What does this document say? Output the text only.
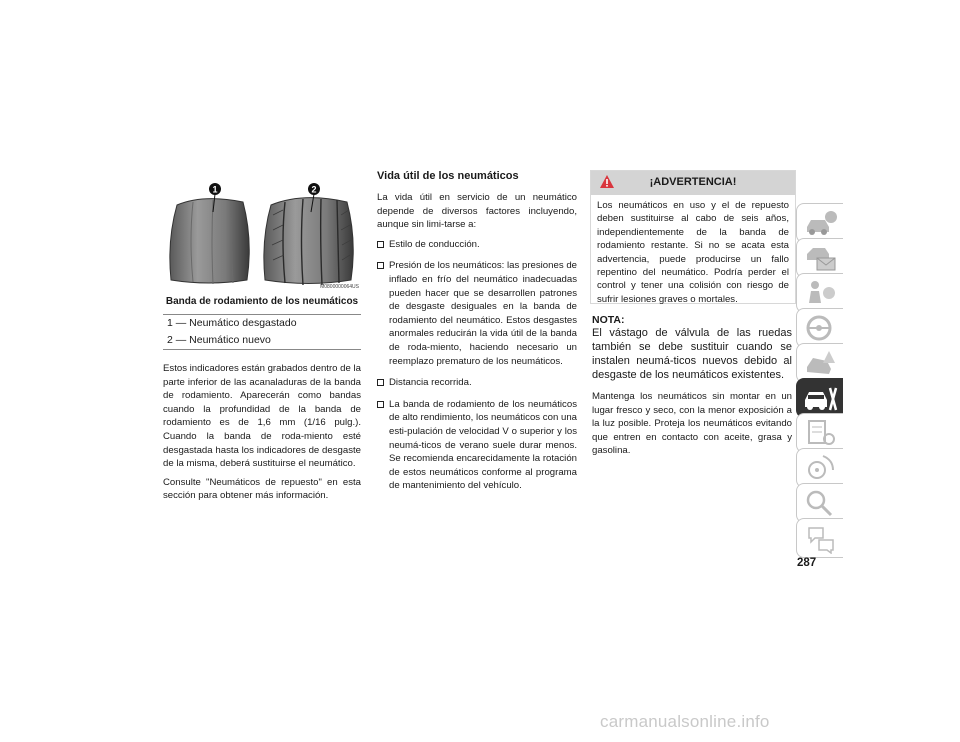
1	2
M0800000064US
Banda de rodamiento de los neumáticos
1 — Neumático desgastado
2 — Neumático nuevo

Estos indicadores están grabados dentro de la parte inferior de las acanaladuras de la banda de rodamiento. Aparecerán como bandas cuando la profundidad de la banda de rodamiento es de 1,6 mm (1/16 pulg.). Cuando la banda de roda-miento esté desgastada hasta los indicadores de desgaste de la misma, deberá sustituirse el neumático.

Consulte "Neumáticos de repuesto" en esta sección para obtener más información.

Vida útil de los neumáticos

La vida útil en servicio de un neumático depende de diversos factores incluyendo, aunque sin limi-tarse a:

Estilo de conducción.
Presión de los neumáticos: las presiones de inflado en frío del neumático inadecuadas pueden hacer que se desarrollen patrones de desgaste desiguales en la banda de rodamiento del neumático. Estos desgastes anormales reducirán la vida útil de la banda de roda-miento, haciendo necesario un reemplazo prematuro de los neumáticos.
Distancia recorrida.
La banda de rodamiento de los neumáticos de alto rendimiento, los neumáticos con una esti-pulación de velocidad V o superior y los neumá-ticos de verano suele durar menos. Se recomienda encarecidamente la rotación de estos neumáticos conforme al programa de mantenimiento del vehículo.
¡ADVERTENCIA!
Los neumáticos en uso y el de repuesto deben sustituirse al cabo de seis años, independientemente de la banda de rodamiento restante. Si no se acata esta advertencia, puede producirse un fallo repentino del neumático. Podría perder el control y tener una colisión con riesgo de sufrir lesiones graves o mortales.
NOTA:

El vástago de válvula de las ruedas también se debe sustituir cuando se instalen neumá-ticos nuevos debido al desgaste de los neumáticos existentes.

Mantenga los neumáticos sin montar en un lugar fresco y seco, con la menor exposición a la luz posible. Proteja los neumáticos evitando que entren en contacto con aceite, grasa y gasolina.

287
carmanualsonline.info
